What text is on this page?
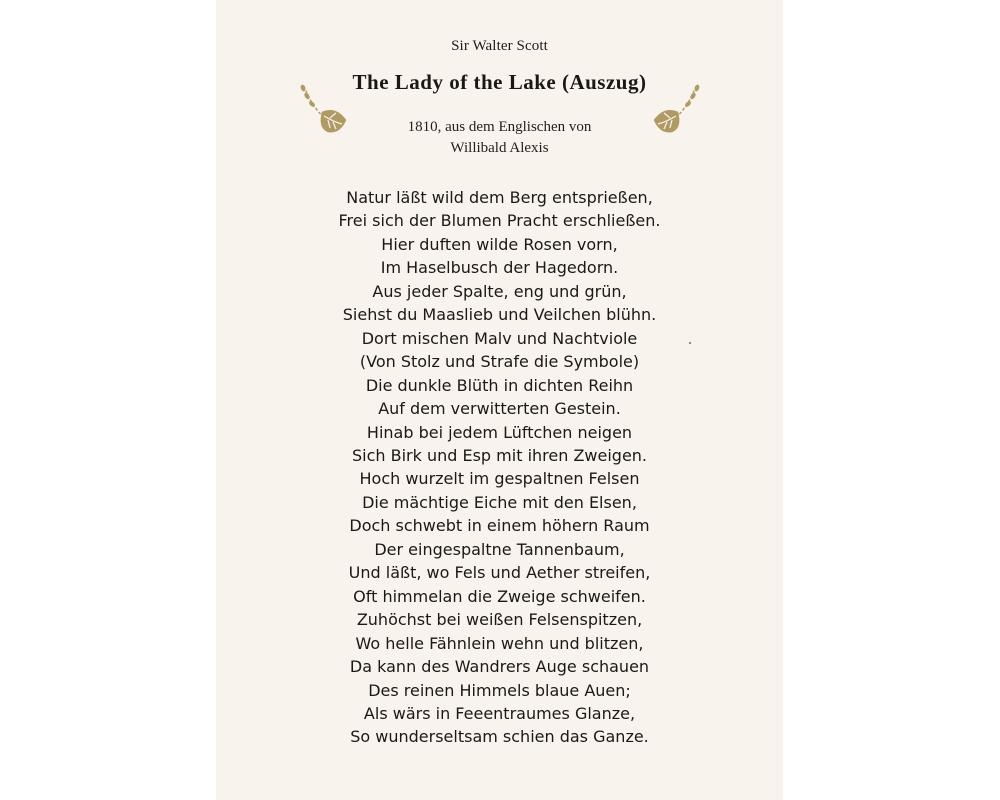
Sir Walter Scott
The Lady of the Lake (Auszug)
1810, aus dem Englischen von
Willibald Alexis
Natur läßt wild dem Berg entsprießen,
Frei sich der Blumen Pracht erschließen.
Hier duften wilde Rosen vorn,
Im Haselbusch der Hagedorn.
Aus jeder Spalte, eng und grün,
Siehst du Maaslieb und Veilchen blühn.
Dort mischen Malv und Nachtviole
(Von Stolz und Strafe die Symbole)
Die dunkle Blüth in dichten Reihn
Auf dem verwitterten Gestein.
Hinab bei jedem Lüftchen neigen
Sich Birk und Esp mit ihren Zweigen.
Hoch wurzelt im gespaltnen Felsen
Die mächtige Eiche mit den Elsen,
Doch schwebt in einem höhern Raum
Der eingespaltne Tannenbaum,
Und läßt, wo Fels und Aether streifen,
Oft himmelan die Zweige schweifen.
Zuhöchst bei weißen Felsenspitzen,
Wo helle Fähnlein wehn und blitzen,
Da kann des Wandrers Auge schauen
Des reinen Himmels blaue Auen;
Als wärs in Feeentraumes Glanze,
So wunderseltsam schien das Ganze.
